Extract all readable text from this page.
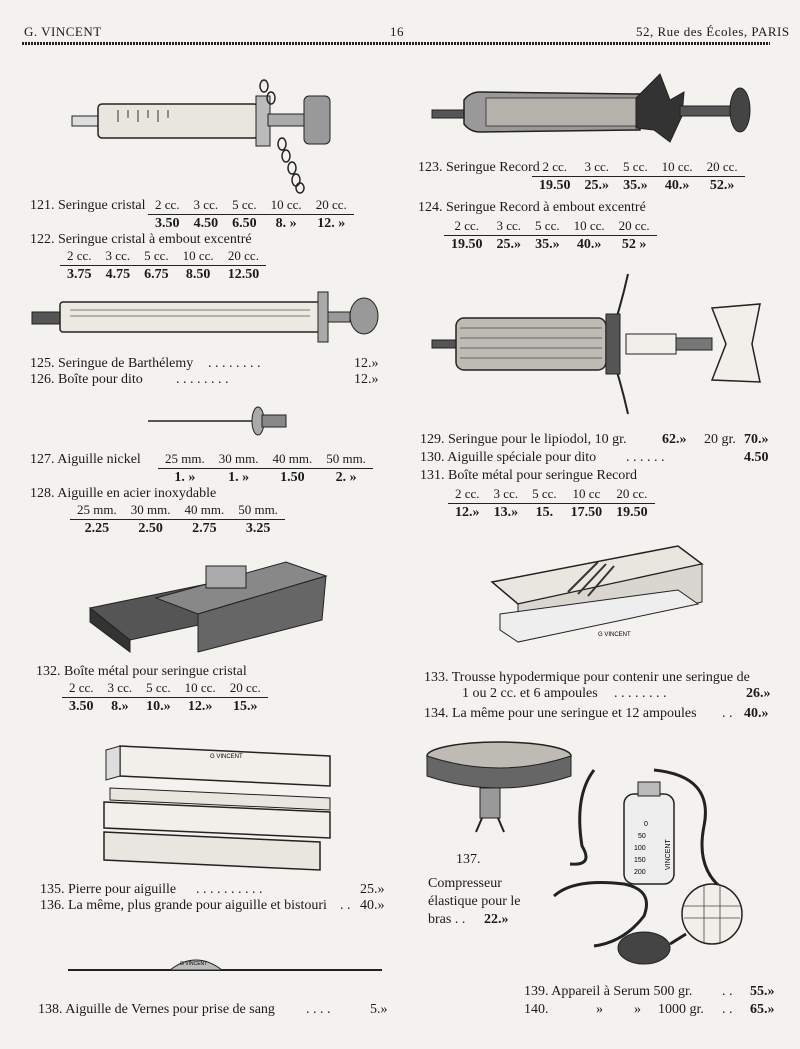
G. VINCENT	16	52, Rue des Écoles, PARIS
121. Seringue cristal 2 cc.	3 cc.	5 cc.	10 cc.	20 cc.
3.50	4.50	6.50	8. »	12. »
122. Seringue cristal à embout excentré
2 cc.	3 cc.	5 cc.	10 cc.	20 cc.
3.75	4.75	6.75	8.50	12.50
125. Seringue de Barthélemy . . . . . . . .	12.»
126. Boîte pour dito . . . . . . . .	12.»
127. Aiguille nickel 25 mm.	30 mm.	40 mm.	50 mm.
1. »	1. »	1.50	2. »
128. Aiguille en acier inoxydable
25 mm.	30 mm.	40 mm.	50 mm.
2.25	2.50	2.75	3.25
132. Boîte métal pour seringue cristal
2 cc.	3 cc.	5 cc.	10 cc.	20 cc.
3.50	8.»	10.»	12.»	15.»
G VINCENT
135. Pierre pour aiguille . . . . . . . . . .	25.»
136. La même, plus grande pour aiguille et bistouri . . 40.»
G VINCENT
138. Aiguille de Vernes pour prise de sang . . . .	5.»
123. Seringue Record 2 cc.	3 cc.	5 cc.	10 cc.	20 cc.
19.50	25.»	35.»	40.»	52.»
124. Seringue Record à embout excentré
2 cc.	3 cc.	5 cc.	10 cc.	20 cc.
19.50	25.»	35.»	40.»	52 »
129. Seringue pour le lipiodol, 10 gr.	62.» 20 gr. 70.»
130. Aiguille spéciale pour dito . . . . . .	4.50
131. Boîte métal pour seringue Record
2 cc.	3 cc.	5 cc.	10 cc	20 cc.
12.»	13.»	15.	17.50	19.50
G VINCENT
133. Trousse hypodermique pour contenir une seringue de
1 ou 2 cc. et 6 ampoules . . . . . . . .	26.»
134. La même pour une seringue et 12 ampoules . . 40.»
137.
Compresseur
élastique pour le
bras . . 22.»
0
50
100
150
200
VINCENT
139. Appareil à Serum 500 gr. . . 55.»
140.	» » 1000 gr. . . 65.»
